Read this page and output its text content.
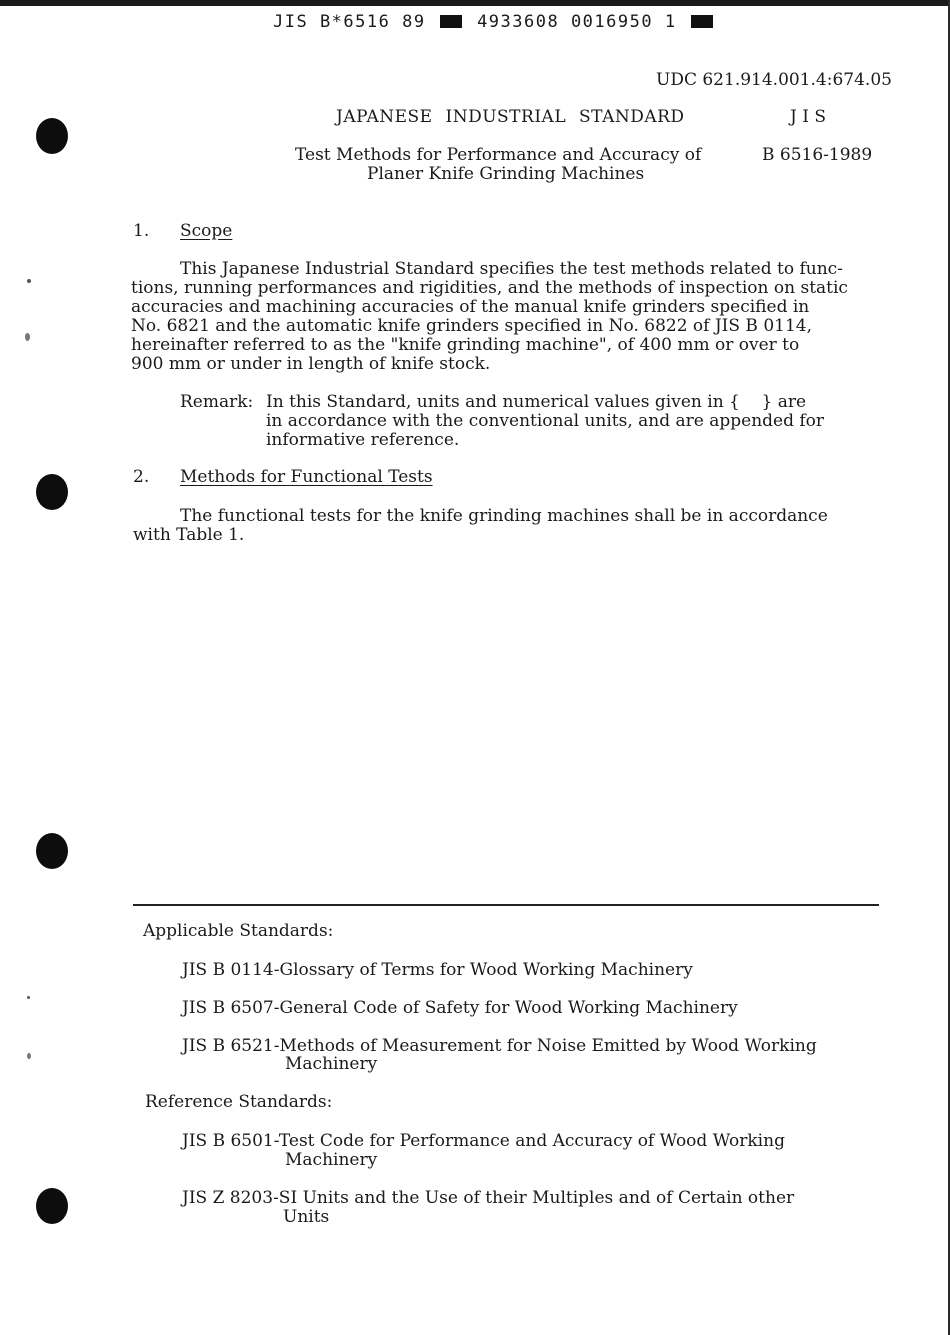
JIS B*6516 89	4933608 0016950 1
UDC 621.914.001.4:674.05
JAPANESE INDUSTRIAL STANDARD	J I S
Test Methods for Performance and Accuracy of
Planer Knife Grinding Machines
B 6516-1989
1. Scope
This Japanese Industrial Standard specifies the test methods related to func-
tions, running performances and rigidities, and the methods of inspection on static
accuracies and machining accuracies of the manual knife grinders specified in
No. 6821 and the automatic knife grinders specified in No. 6822 of JIS B 0114,
hereinafter referred to as the "knife grinding machine", of 400 mm or over to
900 mm or under in length of knife stock.
Remark: In this Standard, units and numerical values given in {    } are
in accordance with the conventional units, and are appended for
informative reference.
2. Methods for Functional Tests
The functional tests for the knife grinding machines shall be in accordance
with Table 1.
Applicable Standards:
JIS B 0114-Glossary of Terms for Wood Working Machinery
JIS B 6507-General Code of Safety for Wood Working Machinery
JIS B 6521-Methods of Measurement for Noise Emitted by Wood Working
Machinery
Reference Standards:
JIS B 6501-Test Code for Performance and Accuracy of Wood Working
Machinery
JIS Z 8203-SI Units and the Use of their Multiples and of Certain other
Units
